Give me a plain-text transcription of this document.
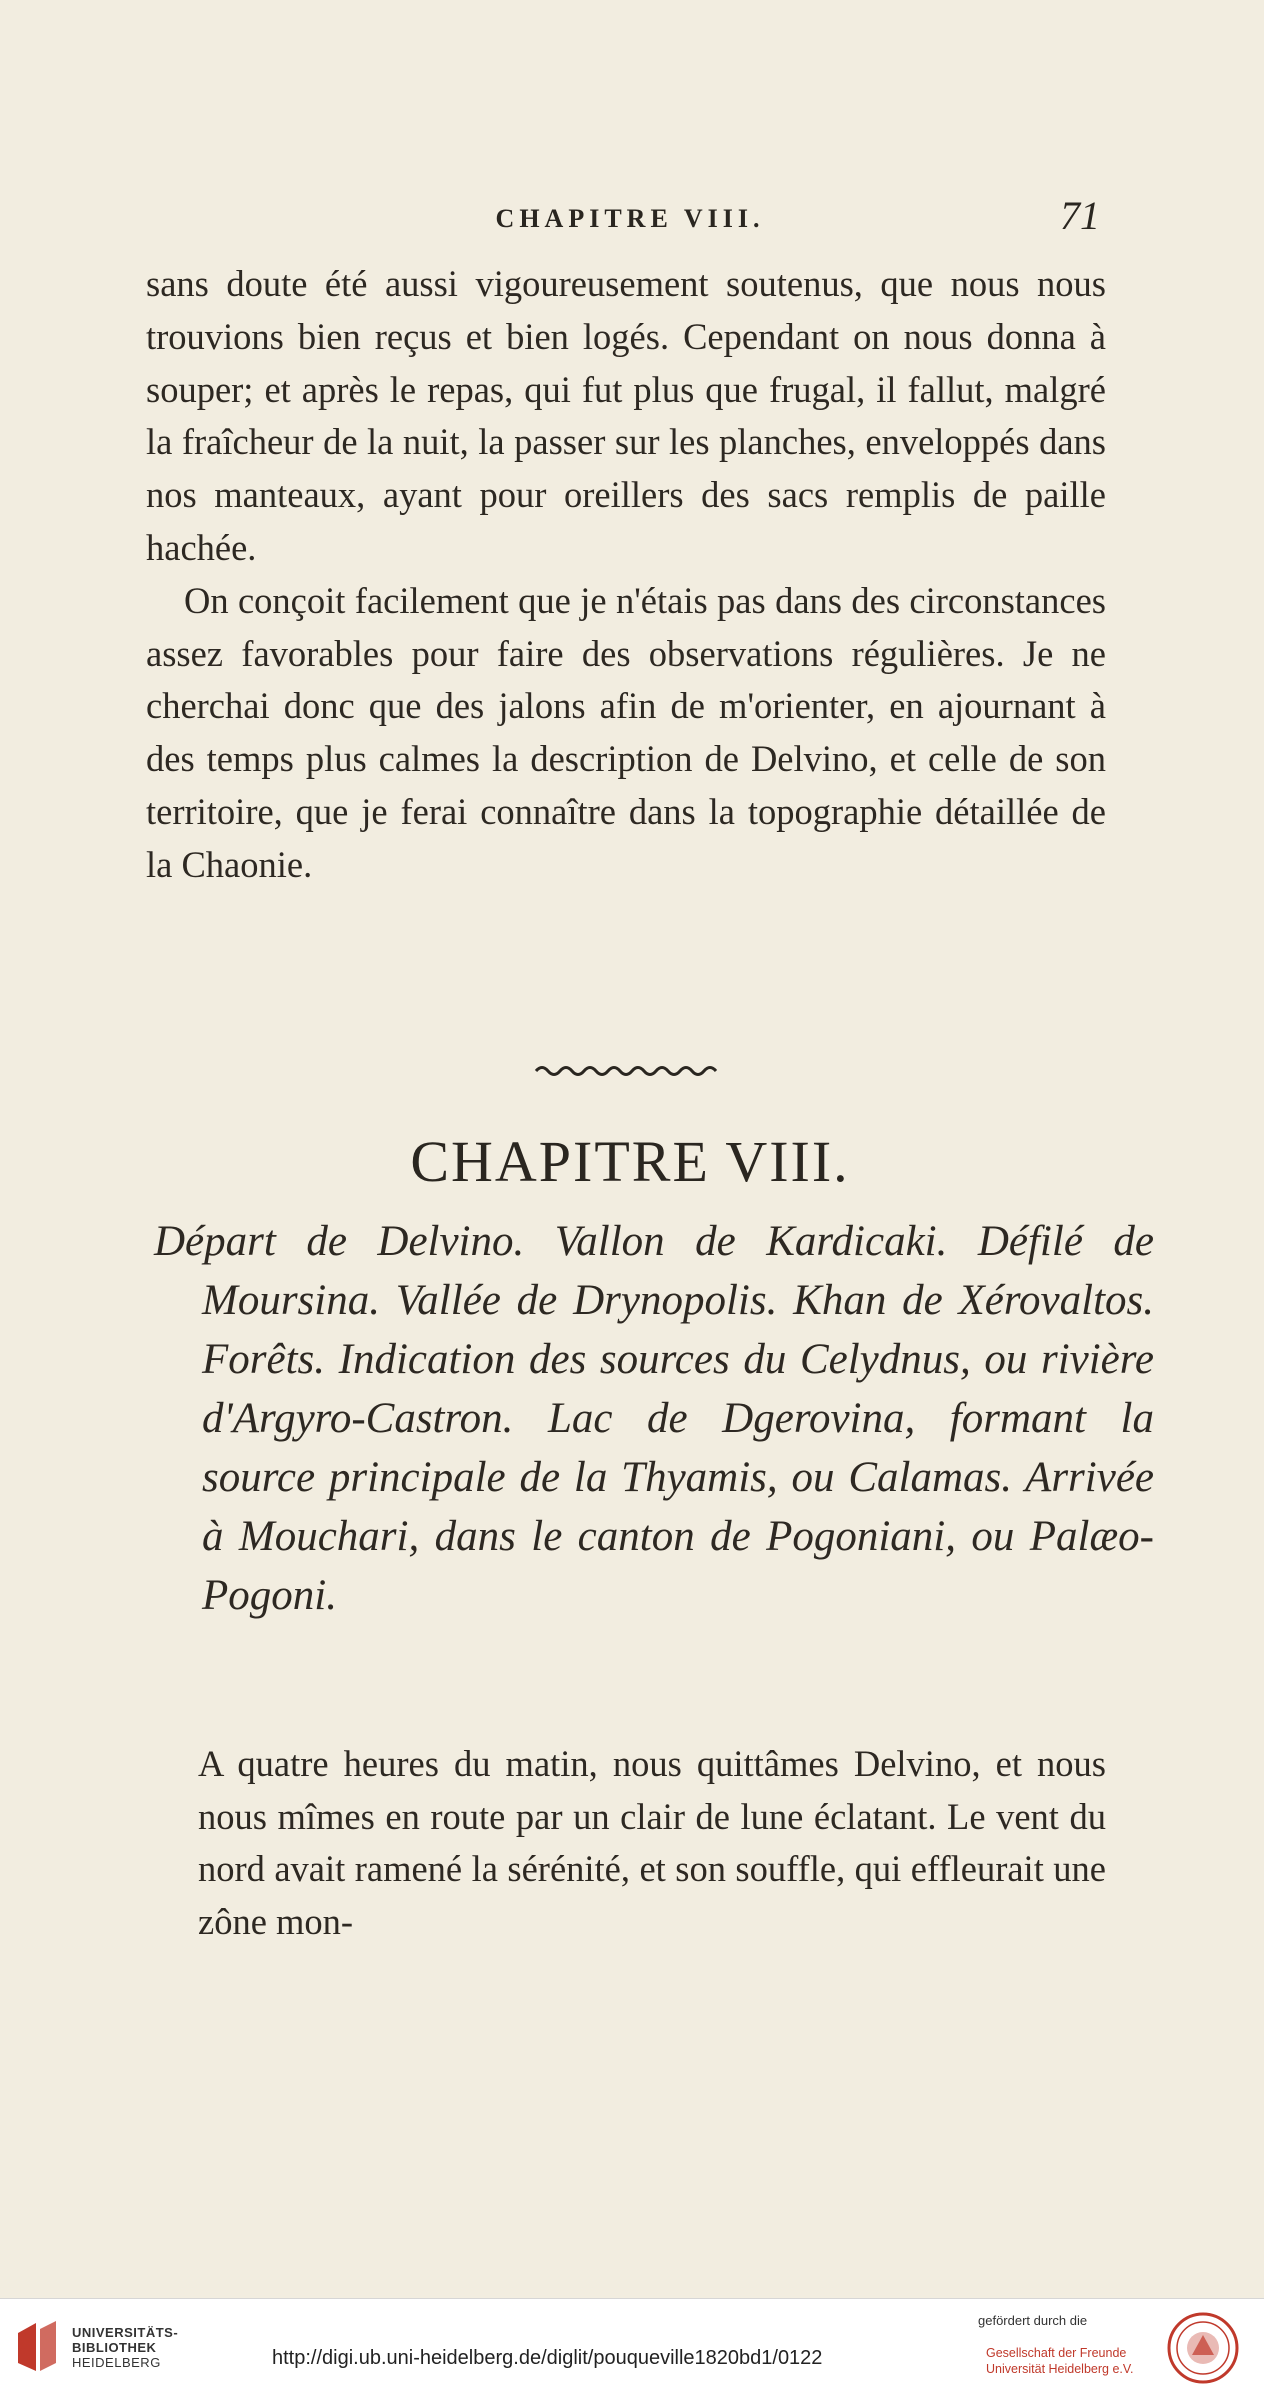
CHAPITRE VIII.	71

sans doute été aussi vigoureusement soutenus, que nous nous trouvions bien reçus et bien logés. Cependant on nous donna à souper; et après le repas, qui fut plus que frugal, il fallut, malgré la fraîcheur de la nuit, la passer sur les planches, enveloppés dans nos manteaux, ayant pour oreillers des sacs remplis de paille hachée.

On conçoit facilement que je n'étais pas dans des circonstances assez favorables pour faire des observations régulières. Je ne cherchai donc que des jalons afin de m'orienter, en ajournant à des temps plus calmes la description de Delvino, et celle de son territoire, que je ferai connaître dans la topographie détaillée de la Chaonie.

CHAPITRE VIII.
Départ de Delvino. Vallon de Kardicaki. Défilé de Moursina. Vallée de Drynopolis. Khan de Xérovaltos. Forêts. Indication des sources du Celydnus, ou rivière d'Argyro-Castron. Lac de Dgerovina, formant la source principale de la Thyamis, ou Calamas. Arrivée à Mouchari, dans le canton de Pogoniani, ou Palæo-Pogoni.
A quatre heures du matin, nous quittâmes Delvino, et nous nous mîmes en route par un clair de lune éclatant. Le vent du nord avait ramené la sérénité, et son souffle, qui effleurait une zône mon-
UNIVERSITÄTS-
BIBLIOTHEK
HEIDELBERG	http://digi.ub.uni-heidelberg.de/diglit/pouqueville1820bd1/0122
gefördert durch die
Gesellschaft der Freunde
Universität Heidelberg e.V.
